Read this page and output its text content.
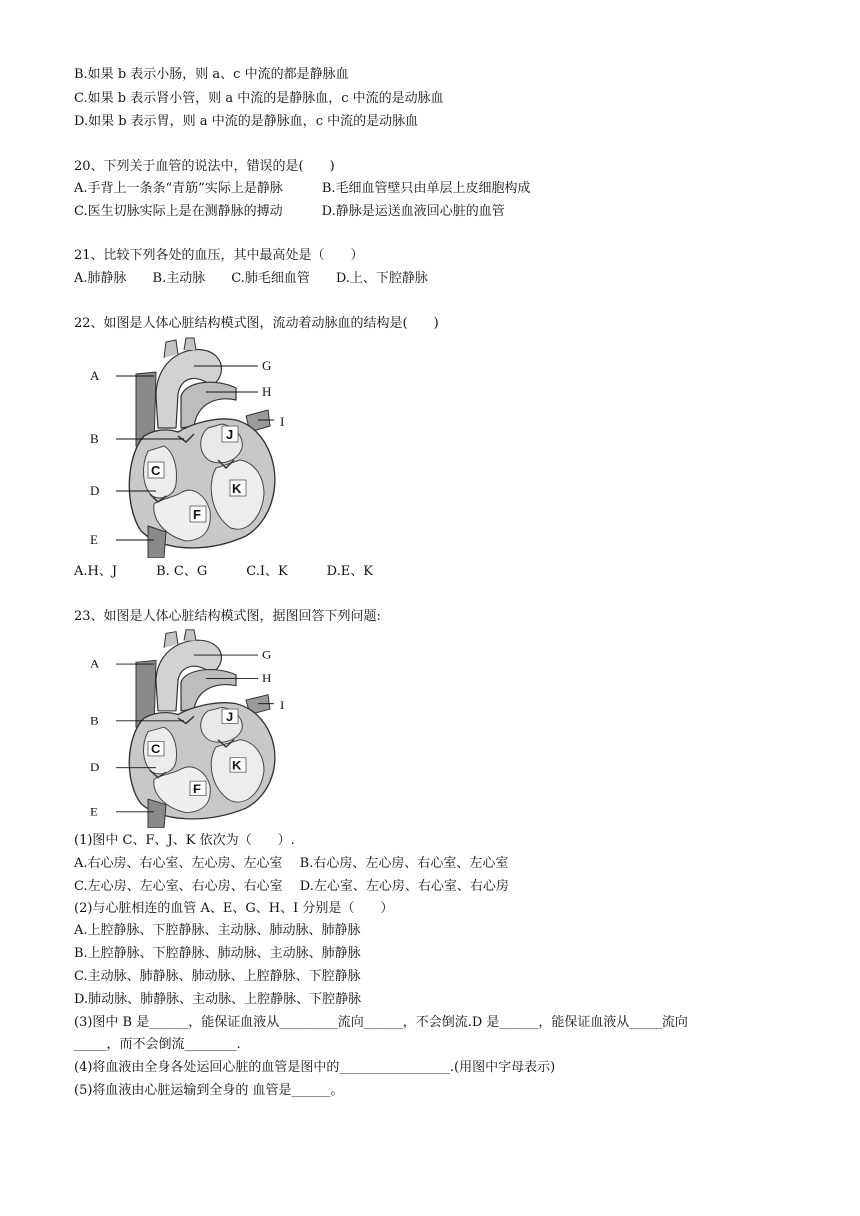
B.如果 b 表示小肠，则 a、c 中流的都是静脉血
C.如果 b 表示肾小管，则 a 中流的是静脉血，c 中流的是动脉血
D.如果 b 表示胃，则 a 中流的是静脉血，c 中流的是动脉血
20、下列关于血管的说法中，错误的是(　　)
A.手背上一条条“青筋”实际上是静脉　　　B.毛细血管壁只由单层上皮细胞构成
C.医生切脉实际上是在测静脉的搏动　　　D.静脉是运送血液回心脏的血管
21、比较下列各处的血压，其中最高处是（　　）
A.肺静脉　　B.主动脉　　C.肺毛细血管　　D.上、下腔静脉
22、如图是人体心脏结构模式图，流动着动脉血的结构是(　　)
A
B
D
E
G
H
I
C
F
J
K
A.H、J　　　B. C、G　　　C.I、K　　　D.E、K
23、如图是人体心脏结构模式图，据图回答下列问题:
A
B
D
E
G
H
I
C
F
J
K
(1)图中 C、F、J、K 依次为（　　）.
A.右心房、右心室、左心房、左心室　 B.右心房、左心房、右心室、左心室
C.左心房、左心室、右心房、右心室　 D.左心室、左心房、右心室、右心房
(2)与心脏相连的血管 A、E、G、H、I 分别是（　　）
A.上腔静脉、下腔静脉、主动脉、肺动脉、肺静脉
B.上腔静脉、下腔静脉、肺动脉、主动脉、肺静脉
C.主动脉、肺静脉、肺动脉、上腔静脉、下腔静脉
D.肺动脉、肺静脉、主动脉、上腔静脉、下腔静脉
(3)图中 B 是______，能保证血液从_________流向______，不会倒流.D 是______，能保证血液从_____流向
_____，而不会倒流________.
(4)将血液由全身各处运回心脏的血管是图中的_________________.(用图中字母表示)
(5)将血液由心脏运输到全身的 血管是______。
